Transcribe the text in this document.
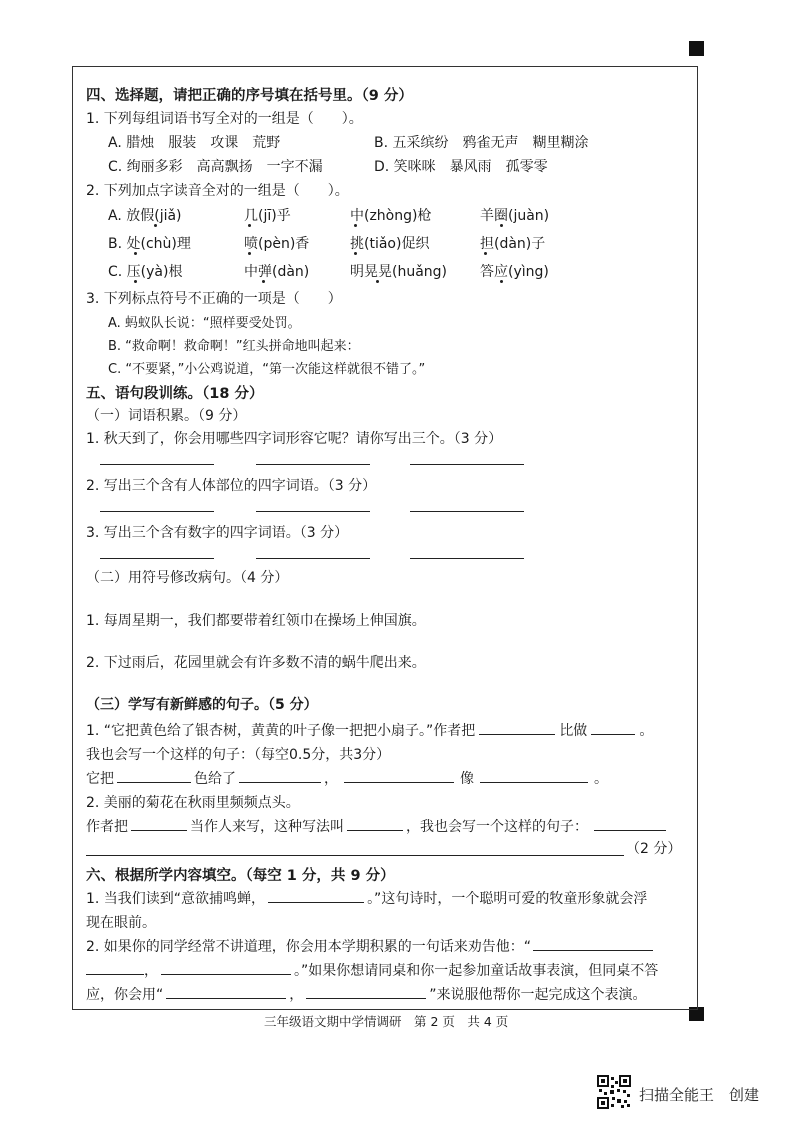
四、选择题，请把正确的序号填在括号里。（9 分）
1. 下列每组词语书写全对的一组是（　　）。
A. 腊烛　服装　攻课　荒野	B. 五采缤纷　鸦雀无声　糊里糊涂
C. 绚丽多彩　高高飘扬　一字不漏	D. 笑咪咪　暴风雨　孤零零
2. 下列加点字读音全对的一组是（　　）。
A. 放假(jiǎ)	几(jī)乎	中(zhòng)枪	羊圈(juàn)
B. 处(chù)理	喷(pèn)香	挑(tiǎo)促织	担(dàn)子
C. 压(yà)根	中弹(dàn)	明晃晃(huǎng) 答应(yìng)
3. 下列标点符号不正确的一项是（　　）
A. 蚂蚁队长说：“照样要受处罚。
B. “救命啊！救命啊！”红头拼命地叫起来：
C. “不要紧，”小公鸡说道，“第一次能这样就很不错了。”
五、语句段训练。（18 分）
（一）词语积累。（9 分）
1. 秋天到了，你会用哪些四字词形容它呢？请你写出三个。（3 分）
2. 写出三个含有人体部位的四字词语。（3 分）
3. 写出三个含有数字的四字词语。（3 分）
（二）用符号修改病句。（4 分）
1. 每周星期一，我们都要带着红领巾在操场上伸国旗。
2. 下过雨后，花园里就会有许多数不清的蜗牛爬出来。
（三）学写有新鲜感的句子。（5 分）
1. “它把黄色给了银杏树，黄黄的叶子像一把把小扇子。”作者把	比做	。
我也会写一个这样的句子：（每空0.5分，共3分）
它把	色给了	，	像	。
2. 美丽的菊花在秋雨里频频点头。
作者把	当作人来写，这种写法叫	，我也会写一个这样的句子：
（2 分）
六、根据所学内容填空。（每空 1 分，共 9 分）
1. 当我们读到“意欲捕鸣蝉，	。”这句诗时，一个聪明可爱的牧童形象就会浮
现在眼前。
2. 如果你的同学经常不讲道理，你会用本学期积累的一句话来劝告他：“
，	。”如果你想请同桌和你一起参加童话故事表演，但同桌不答
应，你会用“	，	”来说服他帮你一起完成这个表演。
三年级语文期中学情调研　第 2 页　共 4 页
扫描全能王　创建
